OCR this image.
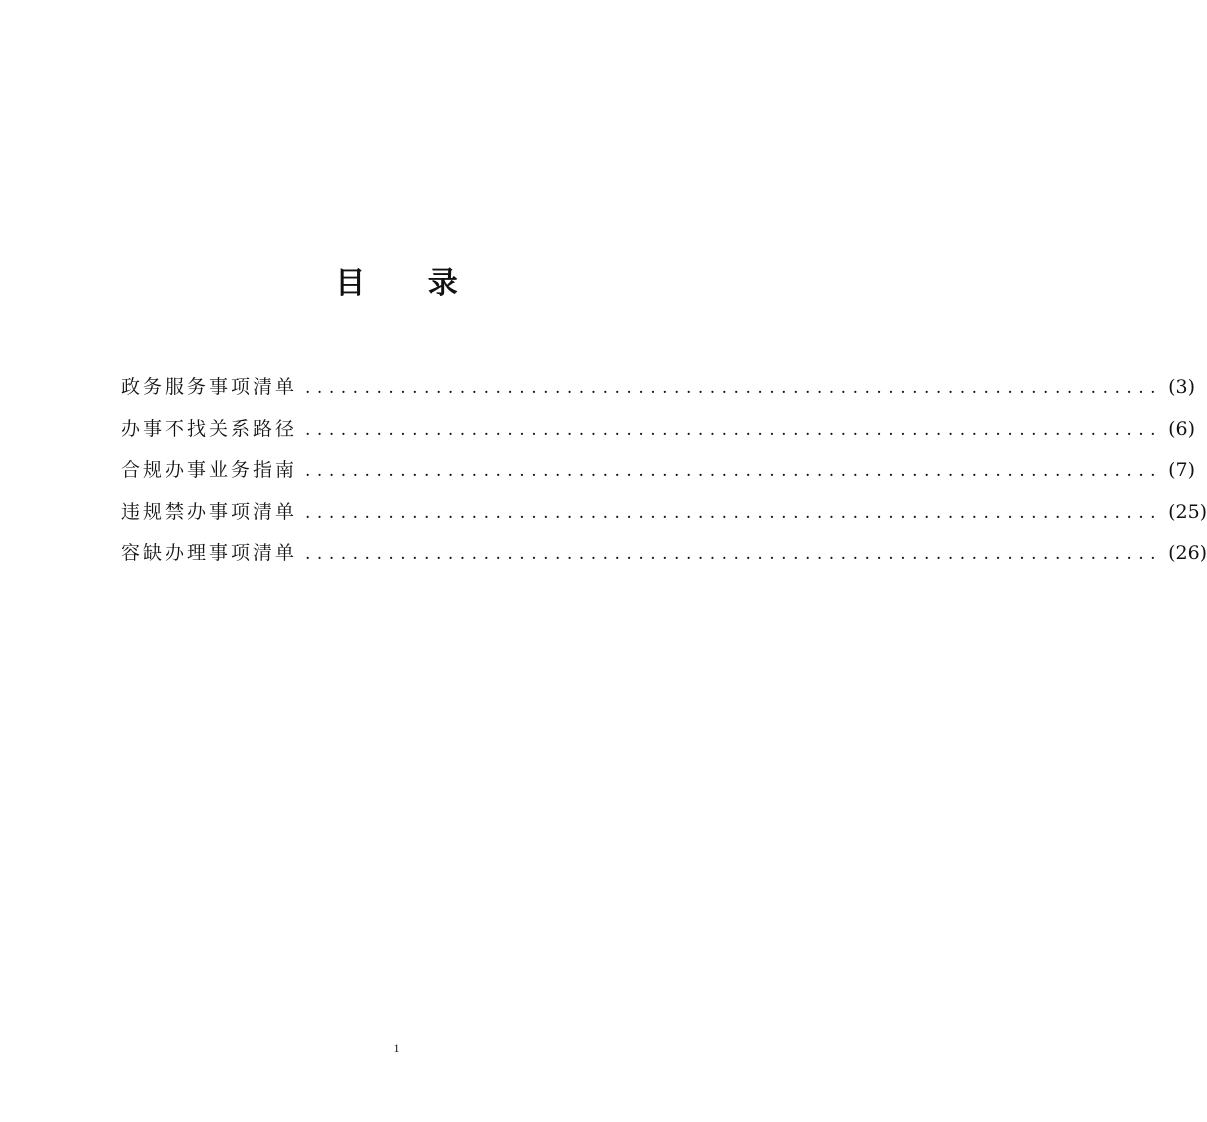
目 录
政务服务事项清单 ........................................................................ (3)
办事不找关系路径 ........................................................................ (6)
合规办事业务指南 ........................................................................ (7)
违规禁办事项清单 ........................................................................ (25)
容缺办理事项清单 ........................................................................ (26)
1
